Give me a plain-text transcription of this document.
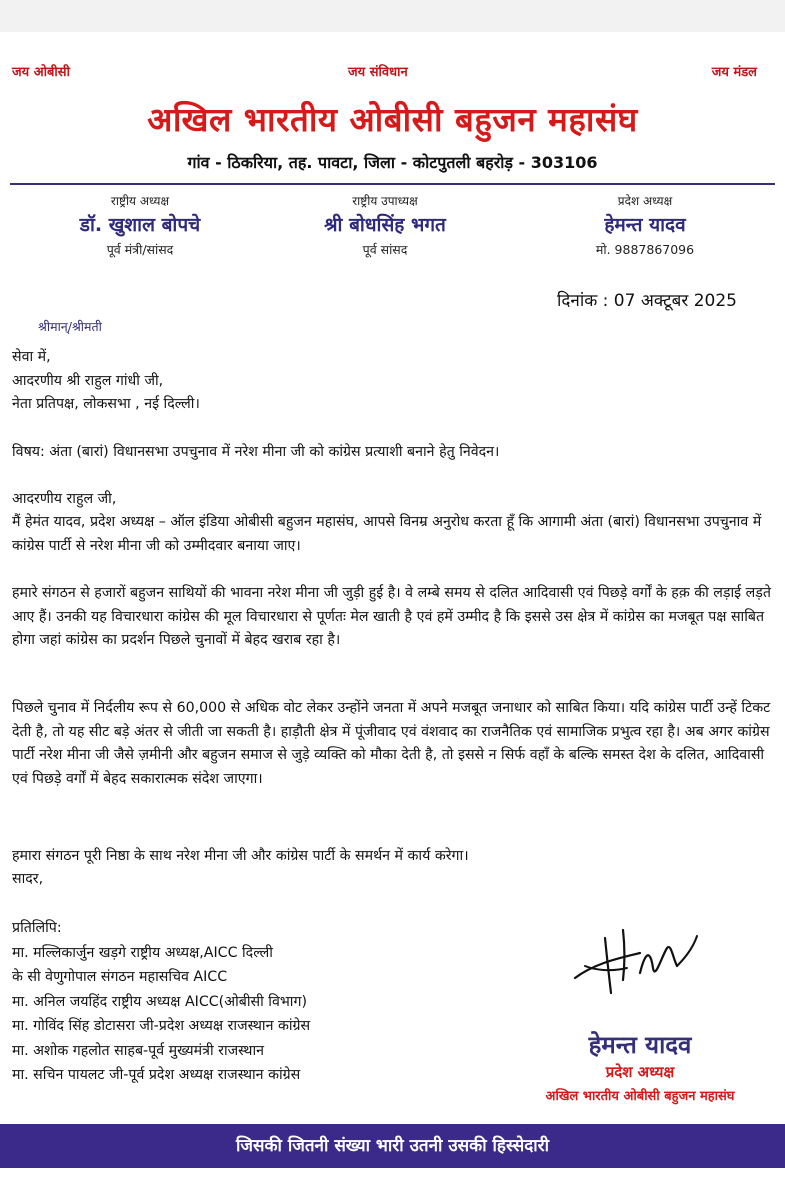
जय ओबीसी	जय संविधान	जय मंडल
अखिल भारतीय ओबीसी बहुजन महासंघ
गांव - ठिकरिया, तह. पावटा, जिला - कोटपुतली बहरोड़ - 303106
राष्ट्रीय अध्यक्ष
डॉ. खुशाल बोपचे
पूर्व मंत्री/सांसद
राष्ट्रीय उपाध्यक्ष
श्री बोधसिंह भगत
पूर्व सांसद
प्रदेश अध्यक्ष
हेमन्त यादव
मो. 9887867096
दिनांक : 07 अक्टूबर 2025
श्रीमान्/श्रीमती

सेवा में,

आदरणीय श्री राहुल गांधी जी,

नेता प्रतिपक्ष, लोकसभा , नई दिल्ली।

विषय: अंता (बारां) विधानसभा उपचुनाव में नरेश मीना जी को कांग्रेस प्रत्याशी बनाने हेतु निवेदन।
आदरणीय राहुल जी,
मैं हेमंत यादव, प्रदेश अध्यक्ष – ऑल इंडिया ओबीसी बहुजन महासंघ, आपसे विनम्र अनुरोध करता हूँ कि आगामी अंता (बारां) विधानसभा उपचुनाव में कांग्रेस पार्टी से नरेश मीना जी को उम्मीदवार बनाया जाए।
हमारे संगठन से हजारों बहुजन साथियों की भावना नरेश मीना जी जुड़ी हुई है। वे लम्बे समय से दलित आदिवासी एवं पिछड़े वर्गों के हक़ की लड़ाई लड़ते आए हैं। उनकी यह विचारधारा कांग्रेस की मूल विचारधारा से पूर्णतः मेल खाती है एवं हमें उम्मीद है कि इससे उस क्षेत्र में कांग्रेस का मजबूत पक्ष साबित होगा जहां कांग्रेस का प्रदर्शन पिछले चुनावों में बेहद खराब रहा है।
पिछले चुनाव में निर्दलीय रूप से 60,000 से अधिक वोट लेकर उन्होंने जनता में अपने मजबूत जनाधार को साबित किया। यदि कांग्रेस पार्टी उन्हें टिकट देती है, तो यह सीट बड़े अंतर से जीती जा सकती है। हाड़ौती क्षेत्र में पूंजीवाद एवं वंशवाद का राजनैतिक एवं सामाजिक प्रभुत्व रहा है। अब अगर कांग्रेस पार्टी नरेश मीना जी जैसे ज़मीनी और बहुजन समाज से जुड़े व्यक्ति को मौका देती है, तो इससे न सिर्फ वहाँ के बल्कि समस्त देश के दलित, आदिवासी एवं पिछड़े वर्गों में बेहद सकारात्मक संदेश जाएगा।
हमारा संगठन पूरी निष्ठा के साथ नरेश मीना जी और कांग्रेस पार्टी के समर्थन में कार्य करेगा।
सादर,

प्रतिलिपि:

मा. मल्लिकार्जुन खड़गे राष्ट्रीय अध्यक्ष,AICC दिल्ली

के सी वेणुगोपाल संगठन महासचिव AICC

मा. अनिल जयहिंद राष्ट्रीय अध्यक्ष AICC(ओबीसी विभाग)

मा. गोविंद सिंह डोटासरा जी-प्रदेश अध्यक्ष राजस्थान कांग्रेस

मा. अशोक गहलोत साहब-पूर्व मुख्यमंत्री राजस्थान

मा. सचिन पायलट जी-पूर्व प्रदेश अध्यक्ष राजस्थान कांग्रेस

हेमन्त यादव
प्रदेश अध्यक्ष
अखिल भारतीय ओबीसी बहुजन महासंघ
जिसकी जितनी संख्या भारी उतनी उसकी हिस्सेदारी
